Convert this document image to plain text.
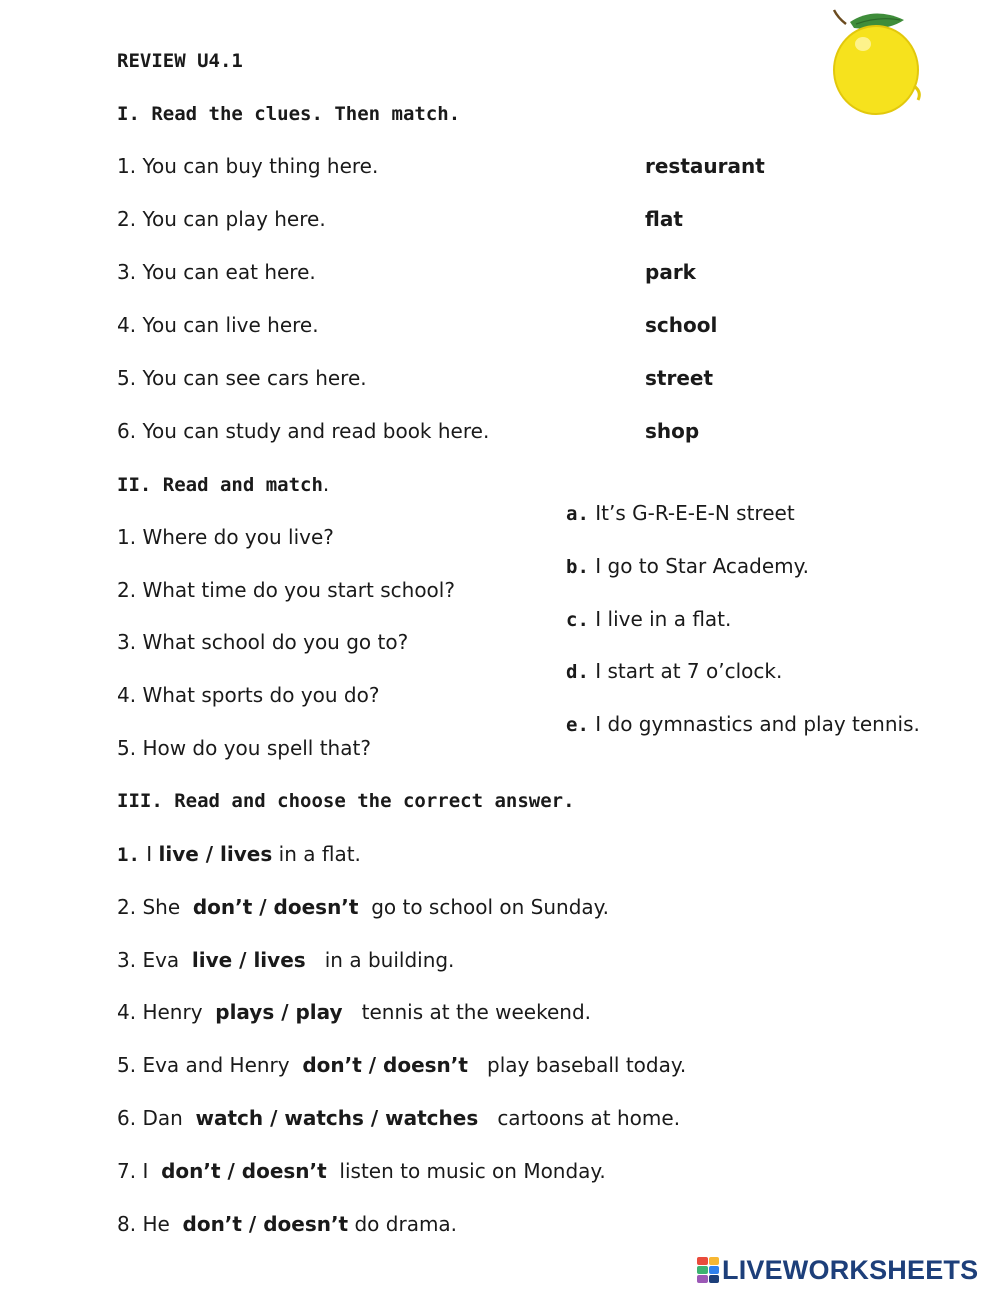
REVIEW U4.1
I. Read the clues. Then match.
1. You can buy thing here.
2. You can play here.
3. You can eat here.
4. You can live here.
5. You can see cars here.
6. You can study and read book here.
restaurant
flat
park
school
street
shop
II. Read and match.
1. Where do you live?
2. What time do you start school?
3. What school do you go to?
4. What sports do you do?
5. How do you spell that?
a. It’s G-R-E-E-N street
b. I go to Star Academy.
c. I live in a flat.
d. I start at 7 o’clock.
e. I do gymnastics and play tennis.
III. Read and choose the correct answer.
1. I live / lives in a flat.
2. She don’t / doesn’t go to school on Sunday.
3. Eva live / lives in a building.
4. Henry plays / play tennis at the weekend.
5. Eva and Henry don’t / doesn’t play baseball today.
6. Dan watch / watchs / watches cartoons at home.
7. I don’t / doesn’t listen to music on Monday.
8. He don’t / doesn’t do drama.
LIVEWORKSHEETS
